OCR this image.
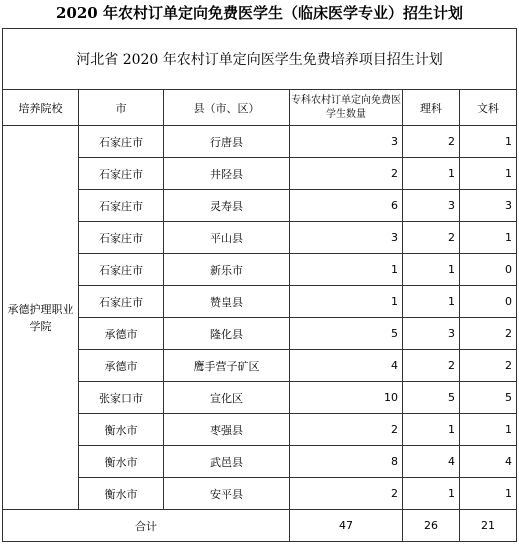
2020 年农村订单定向免费医学生（临床医学专业）招生计划
河北省 2020 年农村订单定向医学生免费培养项目招生计划					
培养院校	市	县（市、区）	专科农村订单定向免费医学生数量	理科	文科
承德护理职业学院	石家庄市	行唐县	3	2	1
	石家庄市	井陉县	2	1	1
	石家庄市	灵寿县	6	3	3
	石家庄市	平山县	3	2	1
	石家庄市	新乐市	1	1	0
	石家庄市	赞皇县	1	1	0
	承德市	隆化县	5	3	2
	承德市	鹰手营子矿区	4	2	2
	张家口市	宣化区	10	5	5
	衡水市	枣强县	2	1	1
	衡水市	武邑县	8	4	4
	衡水市	安平县	2	1	1
合计			47	26	21
